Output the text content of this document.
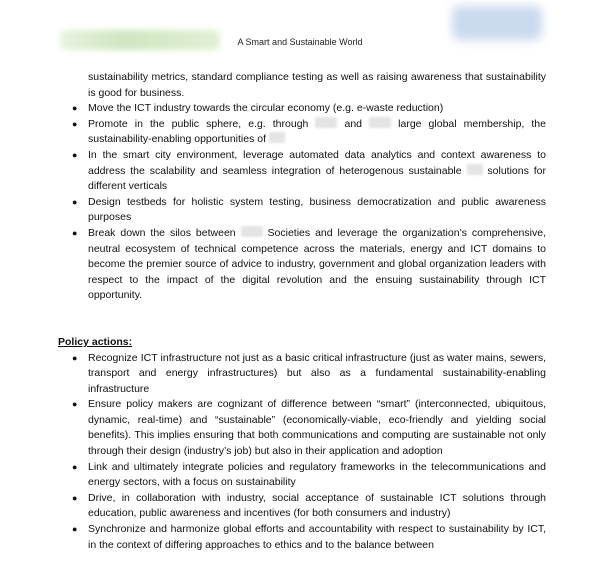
A Smart and Sustainable World

sustainability metrics, standard compliance testing as well as raising awareness that sustainability is good for business.

● Move the ICT industry towards the circular economy (e.g. e-waste reduction)
● Promote in the public sphere, e.g. through	and	large global membership, the sustainability-enabling opportunities of
● In the smart city environment, leverage automated data analytics and context awareness to address the scalability and seamless integration of heterogenous sustainable solutions for different verticals
● Design testbeds for holistic system testing, business democratization and public awareness purposes
● Break down the silos between	Societies and leverage the organization’s comprehensive, neutral ecosystem of technical competence across the materials, energy and ICT domains to become the premier source of advice to industry, government and global organization leaders with respect to the impact of the digital revolution and the ensuing sustainability through ICT opportunity.
Policy actions:
● Recognize ICT infrastructure not just as a basic critical infrastructure (just as water mains, sewers, transport and energy infrastructures) but also as a fundamental sustainability-enabling infrastructure
● Ensure policy makers are cognizant of difference between “smart” (interconnected, ubiquitous, dynamic, real-time) and “sustainable” (economically-viable, eco-friendly and yielding social benefits). This implies ensuring that both communications and computing are sustainable not only through their design (industry’s job) but also in their application and adoption
● Link and ultimately integrate policies and regulatory frameworks in the telecommunications and energy sectors, with a focus on sustainability
● Drive, in collaboration with industry, social acceptance of sustainable ICT solutions through education, public awareness and incentives (for both consumers and industry)
● Synchronize and harmonize global efforts and accountability with respect to sustainability by ICT, in the context of differing approaches to ethics and to the balance between
